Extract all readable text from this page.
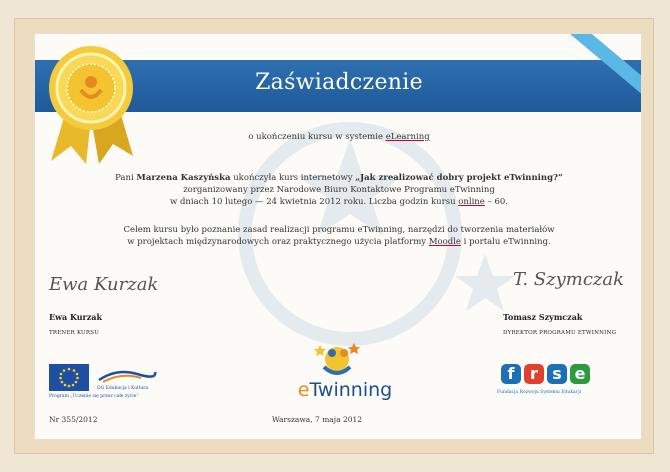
Zaświadczenie
o ukończeniu kursu w systemie eLearning
Pani Marzena Kaszyńska ukończyła kurs internetowy „Jak zrealizować dobry projekt eTwinning?”
zorganizowany przez Narodowe Biuro Kontaktowe Programu eTwinning
w dniach 10 lutego — 24 kwietnia 2012 roku. Liczba godzin kursu online – 60.
Celem kursu było poznanie zasad realizacji programu eTwinning, narzędzi do tworzenia materiałów
w projektach międzynarodowych oraz praktycznego użycia platformy Moodle i portalu eTwinning.
Ewa Kurzak
Ewa Kurzak
TRENER KURSU
T. Szymczak
Tomasz Szymczak
DYREKTOR PROGRAMU ETWINNING
DG Edukacja i Kultura
Program „Uczenie się przez całe życie”	eTwinning
f r s e
Fundacja Rozwoju Systemu Edukacji
Nr 355/2012	Warszawa, 7 maja 2012
